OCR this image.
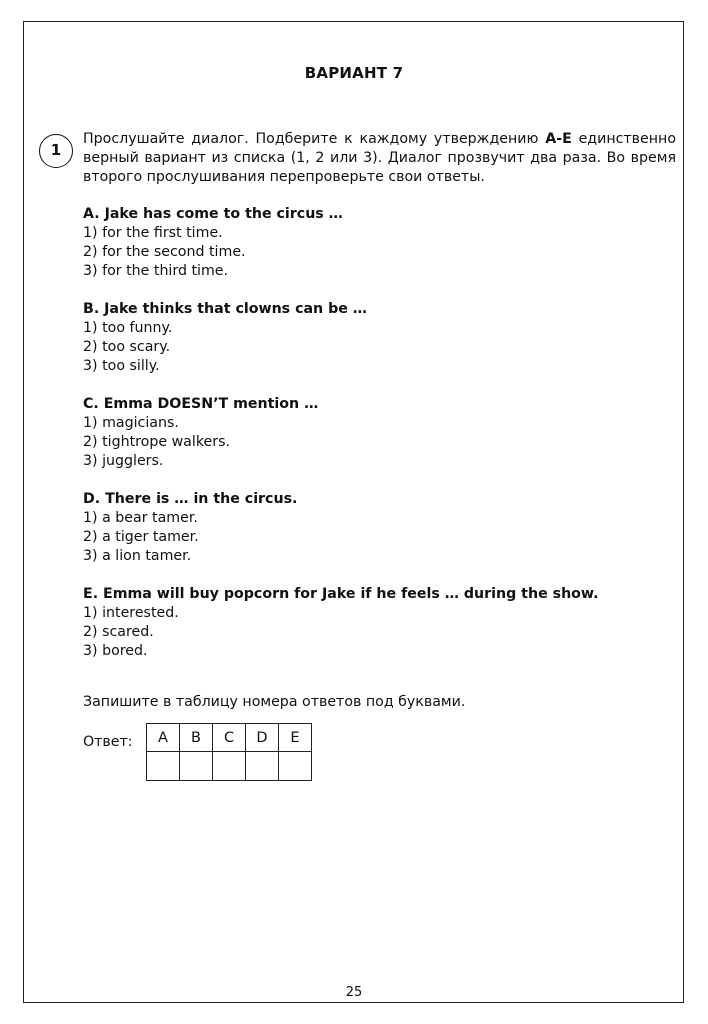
ВАРИАНТ 7
1

Прослушайте диалог. Подберите к каждому утверждению A-E единственно верный вариант из списка (1, 2 или 3). Диалог прозвучит два раза. Во время второго прослушивания перепроверьте свои ответы.

A. Jake has come to the circus …
1) for the first time.
2) for the second time.
3) for the third time.
B. Jake thinks that clowns can be …
1) too funny.
2) too scary.
3) too silly.
C. Emma DOESN’T mention …
1) magicians.
2) tightrope walkers.
3) jugglers.
D. There is … in the circus.
1) a bear tamer.
2) a tiger tamer.
3) a lion tamer.
E. Emma will buy popcorn for Jake if he feels … during the show.
1) interested.
2) scared.
3) bored.
Запишите в таблицу номера ответов под буквами.
Ответ: A	B	C	D	E

25
